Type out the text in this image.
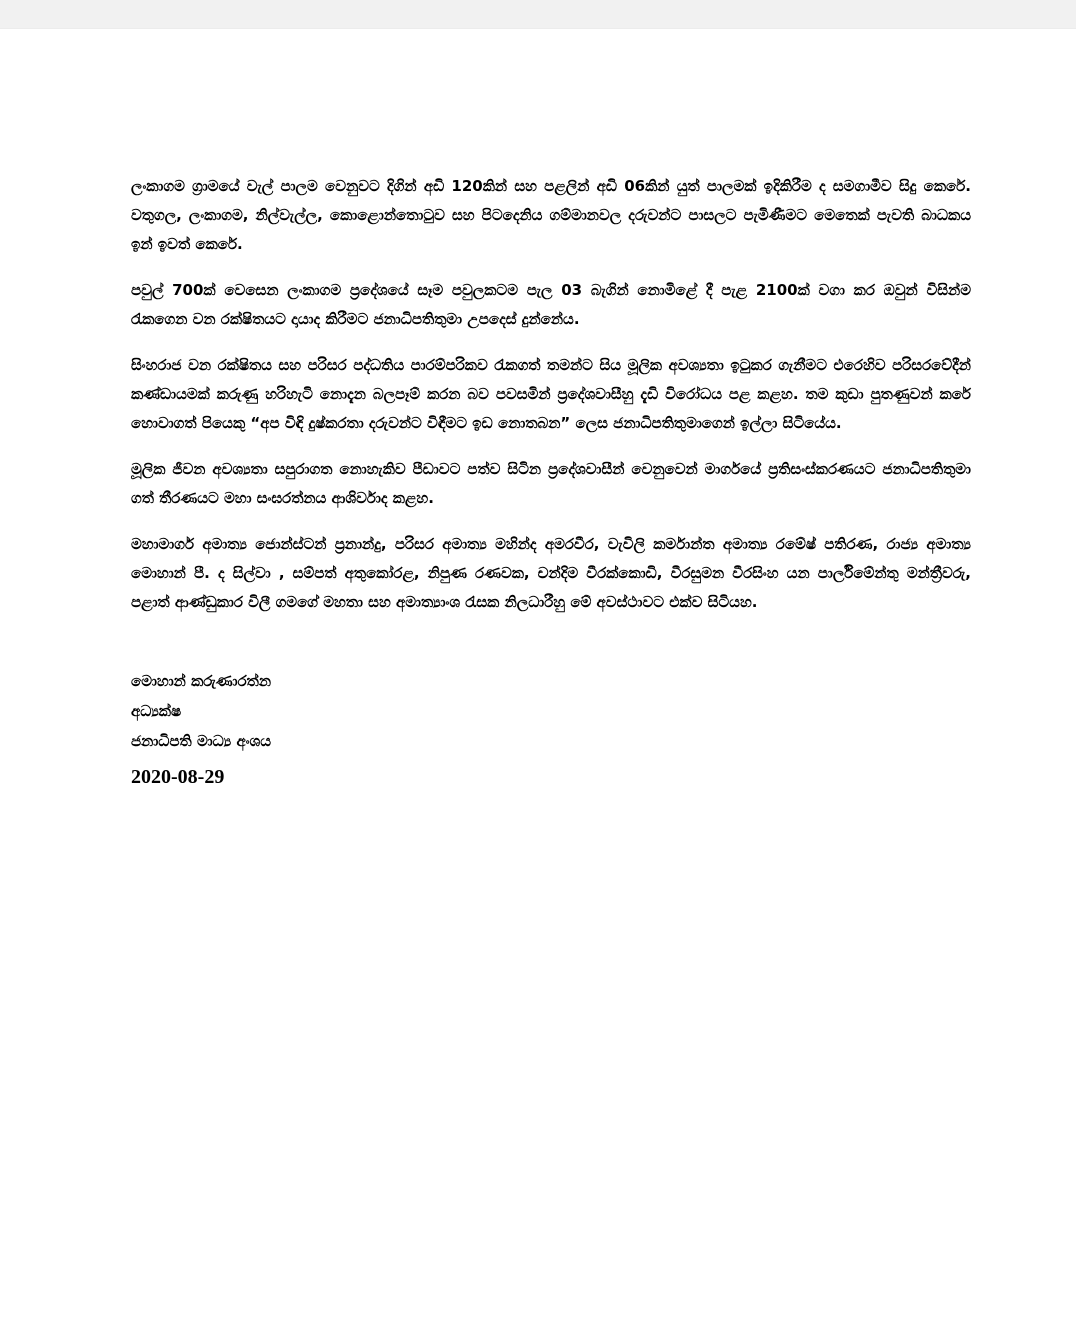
ලංකාගම ග්‍රාමයේ වැල් පාලම වෙනුවට දිගින් අඩි 120කින් සහ පළලින් අඩි 06කින් යුත් පාලමක් ඉදිකිරීම ද සමගාමීව සිදු කෙරේ. වතුගල, ලංකාගම, නිල්වැල්ල, කොළොන්තොටුව සහ පිටදෙනිය ගම්මානවල දරුවන්ට පාසලට පැමිණීමට මෙතෙක් පැවති බාධකය ඉන් ඉවත් කෙරේ.

පවුල් 700ක් වෙසෙන ලංකාගම ප්‍රදේශයේ සෑම පවුලකටම පැල 03 බැගින් නොමිළේ දී පැළ 2100ක් වගා කර ඔවුන් විසින්ම රැකගෙන වන රක්ෂිතයට දායාද කිරීමට ජනාධිපතිතුමා උපදෙස් දුන්නේය.

සිංහරාජ වන රක්ෂිතය සහ පරිසර පද්ධතිය පාරම්පරිකව රැකගත් තමන්ට සිය මූලික අවශ්‍යතා ඉටුකර ගැනීමට එරෙහිව පරිසරවේදීන් කණ්ඩායමක් කරුණු හරිහැටි නොදැන බලපෑම් කරන බව පවසමින් ප්‍රදේශවාසීහු දැඩි විරෝධය පළ කළහ. තම කුඩා පුතණුවන් කරේ හොවාගත් පියෙකු “අප විඳි දුෂ්කරතා දරුවන්ට විඳීමට ඉඩ නොතබන” ලෙස ජනාධිපතිතුමාගෙන් ඉල්ලා සිටියේය.

මූලික ජීවන අවශ්‍යතා සපුරාගත නොහැකිව පීඩාවට පත්ව සිටින ප්‍රදේශවාසීන් වෙනුවෙන් මාර්ගයේ ප්‍රතිසංස්කරණයට ජනාධිපතිතුමා ගත් තීරණයට මහා සංඝරත්නය ආශිර්වාද කළහ.

මහාමාර්ග අමාත්‍ය ජොන්ස්ටන් ප්‍රනාන්දු, පරිසර අමාත්‍ය මහින්ද අමරවීර, වැවිලි කර්මාන්ත අමාත්‍ය රමේෂ් පතිරණ, රාජ්‍ය අමාත්‍ය මොහාන් පී. ද සිල්වා , සම්පත් අතුකෝරළ, නිපුණ රණවක, චන්දිම වීරක්කොඩි, වීරසුමන වීරසිංහ යන පාර්ලිමේන්තු මන්ත්‍රීවරු, පළාත් ආණ්ඩුකාර විලී ගමගේ මහතා සහ අමාත්‍යාංශ රැසක නිලධාරීහු මේ අවස්ථාවට එක්ව සිටියහ.

මොහාන් කරුණාරත්න
අධ්‍යක්ෂ
ජනාධිපති මාධ්‍ය අංශය
2020-08-29
